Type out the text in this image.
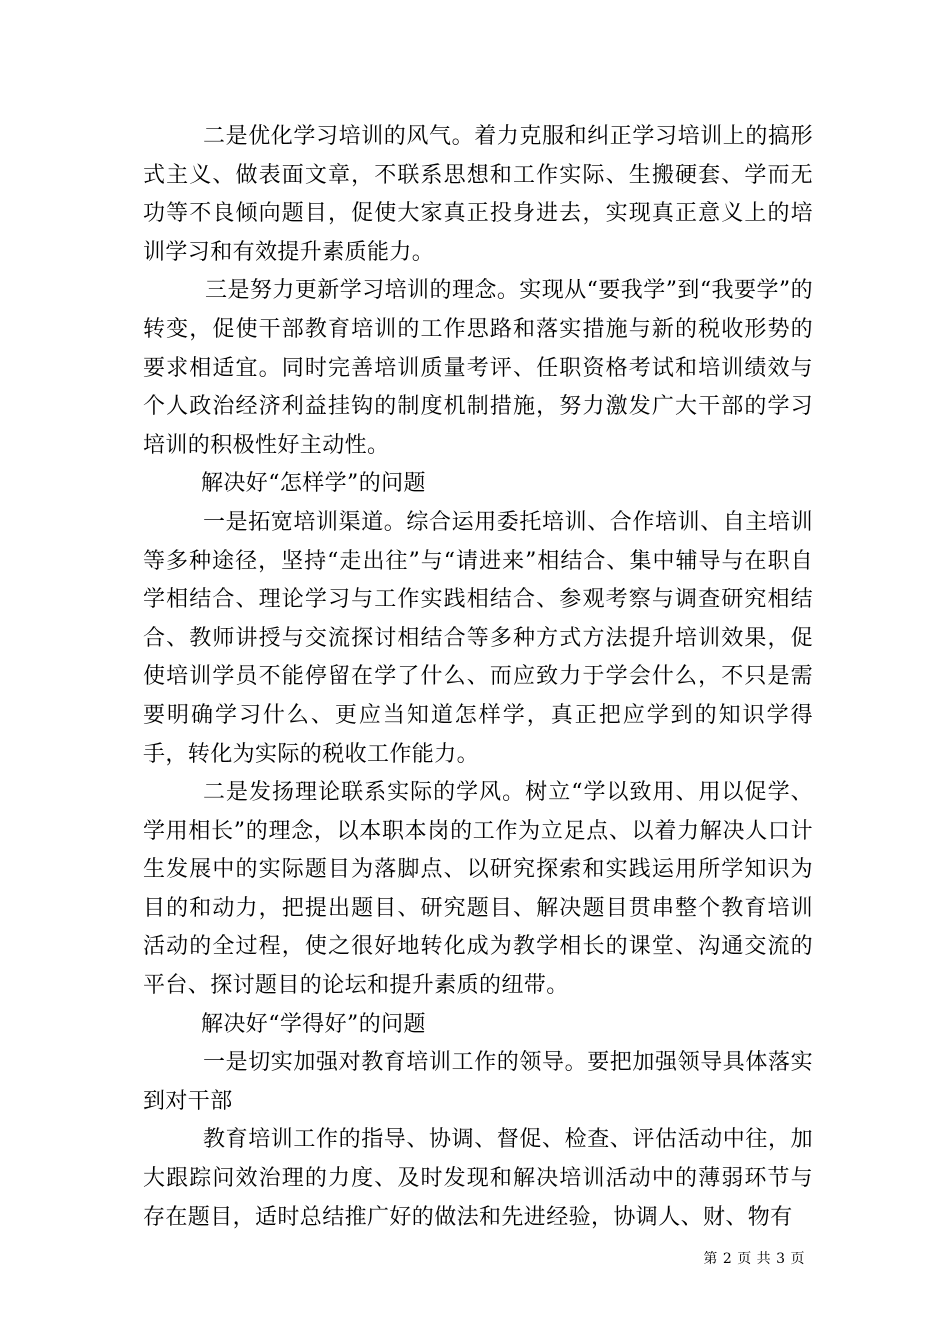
二是优化学习培训的风气。着力克服和纠正学习培训上的搞形式主义、做表面文章，不联系思想和工作实际、生搬硬套、学而无功等不良倾向题目，促使大家真正投身进去，实现真正意义上的培训学习和有效提升素质能力。

三是努力更新学习培训的理念。实现从“要我学”到“我要学”的转变，促使干部教育培训的工作思路和落实措施与新的税收形势的要求相适宜。同时完善培训质量考评、任职资格考试和培训绩效与个人政治经济利益挂钩的制度机制措施，努力激发广大干部的学习培训的积极性好主动性。

解决好“怎样学”的问题

一是拓宽培训渠道。综合运用委托培训、合作培训、自主培训等多种途径，坚持“走出往”与“请进来”相结合、集中辅导与在职自学相结合、理论学习与工作实践相结合、参观考察与调查研究相结合、教师讲授与交流探讨相结合等多种方式方法提升培训效果，促使培训学员不能停留在学了什么、而应致力于学会什么，不只是需要明确学习什么、更应当知道怎样学，真正把应学到的知识学得手，转化为实际的税收工作能力。

二是发扬理论联系实际的学风。树立“学以致用、用以促学、学用相长”的理念，以本职本岗的工作为立足点、以着力解决人口计生发展中的实际题目为落脚点、以研究探索和实践运用所学知识为目的和动力，把提出题目、研究题目、解决题目贯串整个教育培训活动的全过程，使之很好地转化成为教学相长的课堂、沟通交流的平台、探讨题目的论坛和提升素质的纽带。

解决好“学得好”的问题

一是切实加强对教育培训工作的领导。要把加强领导具体落实到对干部

教育培训工作的指导、协调、督促、检查、评估活动中往，加大跟踪问效治理的力度、及时发现和解决培训活动中的薄弱环节与存在题目，适时总结推广好的做法和先进经验，协调人、财、物有

第 2 页 共 3 页
